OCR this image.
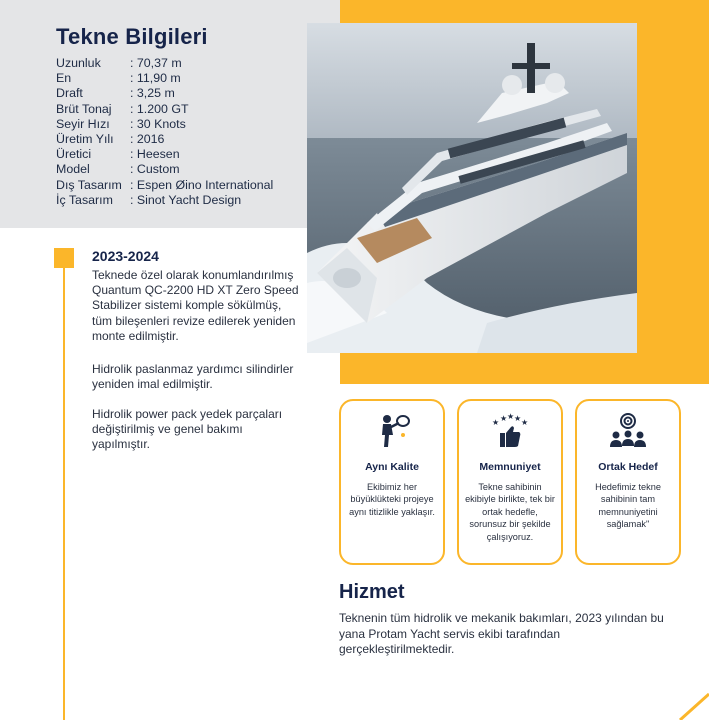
Tekne Bilgileri
Uzunluk	: 70,37 m
En	: 11,90 m
Draft	: 3,25 m
Brüt Tonaj	: 1.200 GT
Seyir Hızı	: 30 Knots
Üretim Yılı	: 2016
Üretici	: Heesen
Model	: Custom
Dış Tasarım : Espen Øino International
İç Tasarım	: Sinot Yacht Design
2023-2024

Teknede özel olarak konumlandırılmış Quantum QC-2200 HD XT Zero Speed Stabilizer sistemi komple sökülmüş, tüm bileşenleri revize edilerek yeniden monte edilmiştir.

Hidrolik paslanmaz yardımcı silindirler yeniden imal edilmiştir.

Hidrolik power pack yedek parçaları değiştirilmiş ve genel bakımı yapılmıştır.

Aynı Kalite
Ekibimiz her büyüklükteki projeye aynı titizlikle yaklaşır.
★ ★ ★ ★ ★
Memnuniyet
Tekne sahibinin ekibiyle birlikte, tek bir ortak hedefle, sorunsuz bir şekilde çalışıyoruz.
Ortak Hedef
Hedefimiz tekne sahibinin tam memnuniyetini sağlamak"
Hizmet

Teknenin tüm hidrolik ve mekanik bakımları, 2023 yılından bu yana Protam Yacht servis ekibi tarafından gerçekleştirilmektedir.
